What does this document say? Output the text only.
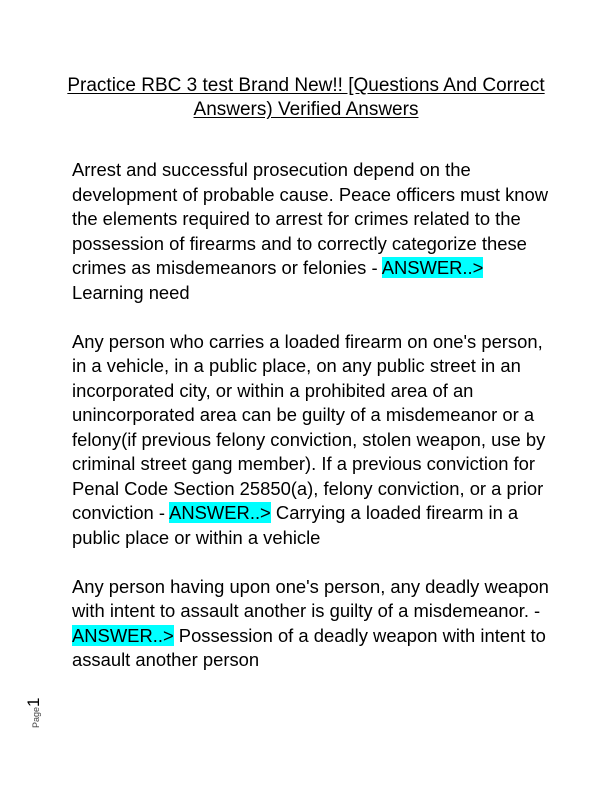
Practice RBC 3 test Brand New!! [Questions And Correct Answers) Verified Answers

Arrest and successful prosecution depend on the development of probable cause. Peace officers must know the elements required to arrest for crimes related to the possession of firearms and to correctly categorize these crimes as misdemeanors or felonies - ANSWER..> Learning need

Any person who carries a loaded firearm on one's person, in a vehicle, in a public place, on any public street in an incorporated city, or within a prohibited area of an unincorporated area can be guilty of a misdemeanor or a felony(if previous felony conviction, stolen weapon, use by criminal street gang member). If a previous conviction for Penal Code Section 25850(a), felony conviction, or a prior conviction - ANSWER..> Carrying a loaded firearm in a public place or within a vehicle

Any person having upon one's person, any deadly weapon with intent to assault another is guilty of a misdemeanor. - ANSWER..> Possession of a deadly weapon with intent to assault another person

Page1
